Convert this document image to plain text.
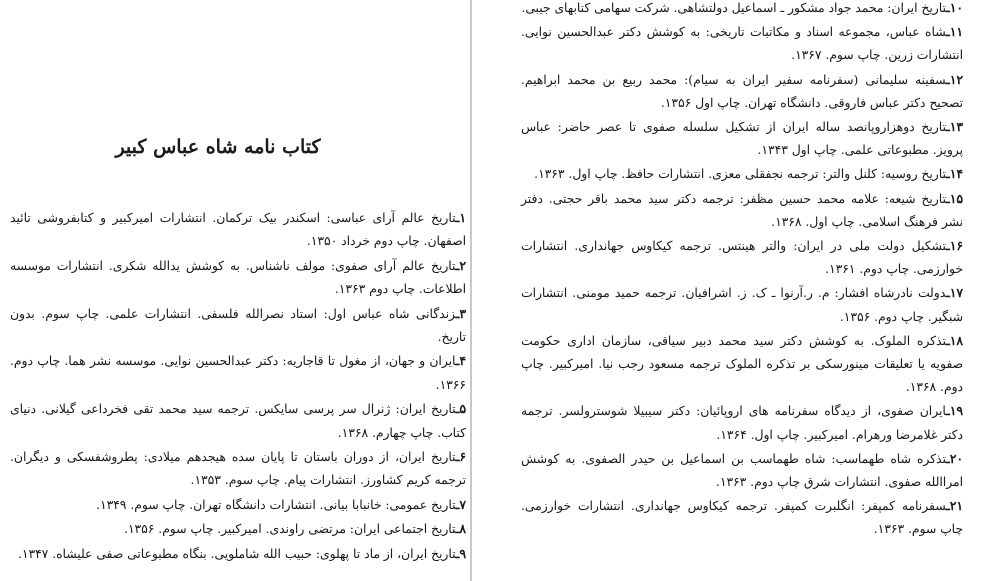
کتاب نامه شاه عباس کبیر

۱ـتاریخ عالم آرای عباسی: اسکندر بیک ترکمان. انتشارات امیرکبیر و کتابفروشی تائید اصفهان. چاپ دوم خرداد ۱۳۵۰.

۲ـتاریخ عالم آرای صفوی: مولف ناشناس. به کوشش یدالله شکری. انتشارات موسسه اطلاعات. چاپ دوم ۱۳۶۳.

۳ـزندگانی شاه عباس اول: استاد نصرالله فلسفی. انتشارات علمی. چاپ سوم. بدون تاریخ.

۴ـایران و جهان، از مغول تا قاجاریه: دکتر عبدالحسین نوایی. موسسه نشر هما. چاپ دوم. ۱۳۶۶.

۵ـتاریخ ایران: ژنرال سر پرسی سایکس. ترجمه سید محمد تقی فخرداعی گیلانی. دنیای کتاب. چاپ چهارم. ۱۳۶۸.

۶ـتاریخ ایران، از دوران باستان تا پایان سده هیجدهم میلادی: پطروشفسکی و دیگران. ترجمه کریم کشاورز. انتشارات پیام. چاپ سوم. ۱۳۵۳.

۷ـتاریخ عمومی: خانبابا بیانی. انتشارات دانشگاه تهران. چاپ سوم. ۱۳۴۹.

۸ـتاریخ اجتماعی ایران: مرتضی راوندی. امیرکبیر. چاپ سوم. ۱۳۵۶.

۹ـتاریخ ایران، از ماد تا پهلوی: حبیب الله شاملویی. بنگاه مطبوعاتی صفی علیشاه. ۱۳۴۷.

۱۰ـتاریخ ایران: محمد جواد مشکور ـ اسماعیل دولتشاهی. شرکت سهامی کتابهای جیبی.

۱۱ـشاه عباس، مجموعه اسناد و مکاتبات تاریخی: به کوشش دکتر عبدالحسین نوایی. انتشارات زرین. چاپ سوم. ۱۳۶۷.

۱۲ـسفینه سلیمانی (سفرنامه سفیر ایران به سیام): محمد ربیع بن محمد ابراهیم. تصحیح دکتر عباس فاروقی. دانشگاه تهران. چاپ اول ۱۳۵۶.

۱۳ـتاریخ دوهزاروپانصد ساله ایران از تشکیل سلسله صفوی تا عصر حاضر: عباس پرویز. مطبوعاتی علمی. چاپ اول ۱۳۴۳.

۱۴ـتاریخ روسیه: کلنل والتر: ترجمه نجفقلی معزی. انتشارات حافظ. چاپ اول. ۱۳۶۳.

۱۵ـتاریخ شیعه: علامه محمد حسین مظفر: ترجمه دکتر سید محمد باقر حجتی. دفتر نشر فرهنگ اسلامی. چاپ اول. ۱۳۶۸.

۱۶ـتشکیل دولت ملی در ایران: والتر هینتس. ترجمه کیکاوس جهانداری. انتشارات خوارزمی. چاپ دوم. ۱۳۶۱.

۱۷ـدولت نادرشاه افشار: م. ر.آرنوا ـ ک. ز. اشرافیان. ترجمه حمید مومنی. انتشارات شبگیر. چاپ دوم. ۱۳۵۶.

۱۸ـتذکره الملوک. به کوشش دکتر سید محمد دبیر سیاقی، سازمان اداری حکومت صفویه یا تعلیقات مینورسکی بر تذکره الملوک ترجمه مسعود رجب نیا. امیرکبیر. چاپ دوم. ۱۳۶۸.

۱۹ـایران صفوی، از دیدگاه سفرنامه های اروپائیان: دکتر سیبیلا شوسترولسر. ترجمه دکتر غلامرضا ورهرام. امیرکبیر. چاپ اول. ۱۳۶۴.

۲۰ـتذکره شاه طهماسب: شاه طهماسب بن اسماعیل بن حیدر الصفوی. به کوشش امراالله صفوی. انتشارات شرق چاپ دوم. ۱۳۶۳.

۲۱ـسفرنامه کمپفر: انگلبرت کمپفر. ترجمه کیکاوس جهانداری. انتشارات خوارزمی. چاپ سوم. ۱۳۶۳.
